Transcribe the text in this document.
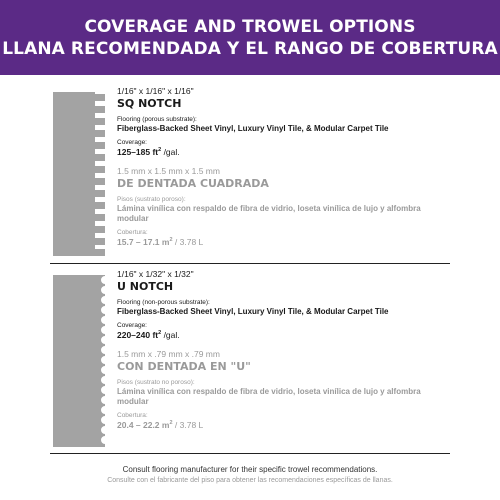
COVERAGE AND TROWEL OPTIONS
LLANA RECOMENDADA Y EL RANGO DE COBERTURA
1/16" x 1/16" x 1/16"
SQ NOTCH
Flooring (porous substrate):
Fiberglass-Backed Sheet Vinyl, Luxury Vinyl Tile, & Modular Carpet Tile
Coverage:
125–185 $ft^2$ /gal.
1.5 mm x 1.5 mm x 1.5 mm
DE DENTADA CUADRADA
Pisos (sustrato poroso):
Lámina vinílica con respaldo de fibra de vidrio, loseta vinílica de lujo y alfombra modular
Cobertura:
15.7 – 17.1 $m^2 / 3.78$ L
1/16" x 1/32" x 1/32"
U NOTCH
Flooring (non-porous substrate):
Fiberglass-Backed Sheet Vinyl, Luxury Vinyl Tile, & Modular Carpet Tile
Coverage:
220–240 $ft^2$ /gal.
1.5 mm x .79 mm x .79 mm
CON DENTADA EN "U"
Pisos (sustrato no poroso):
Lámina vinílica con respaldo de fibra de vidrio, loseta vinílica de lujo y alfombra modular
Cobertura:
20.4 – 22.2 $m^2 / 3.78$ L
Consult flooring manufacturer for their specific trowel recommendations.
Consulte con el fabricante del piso para obtener las recomendaciones específicas de llanas.
